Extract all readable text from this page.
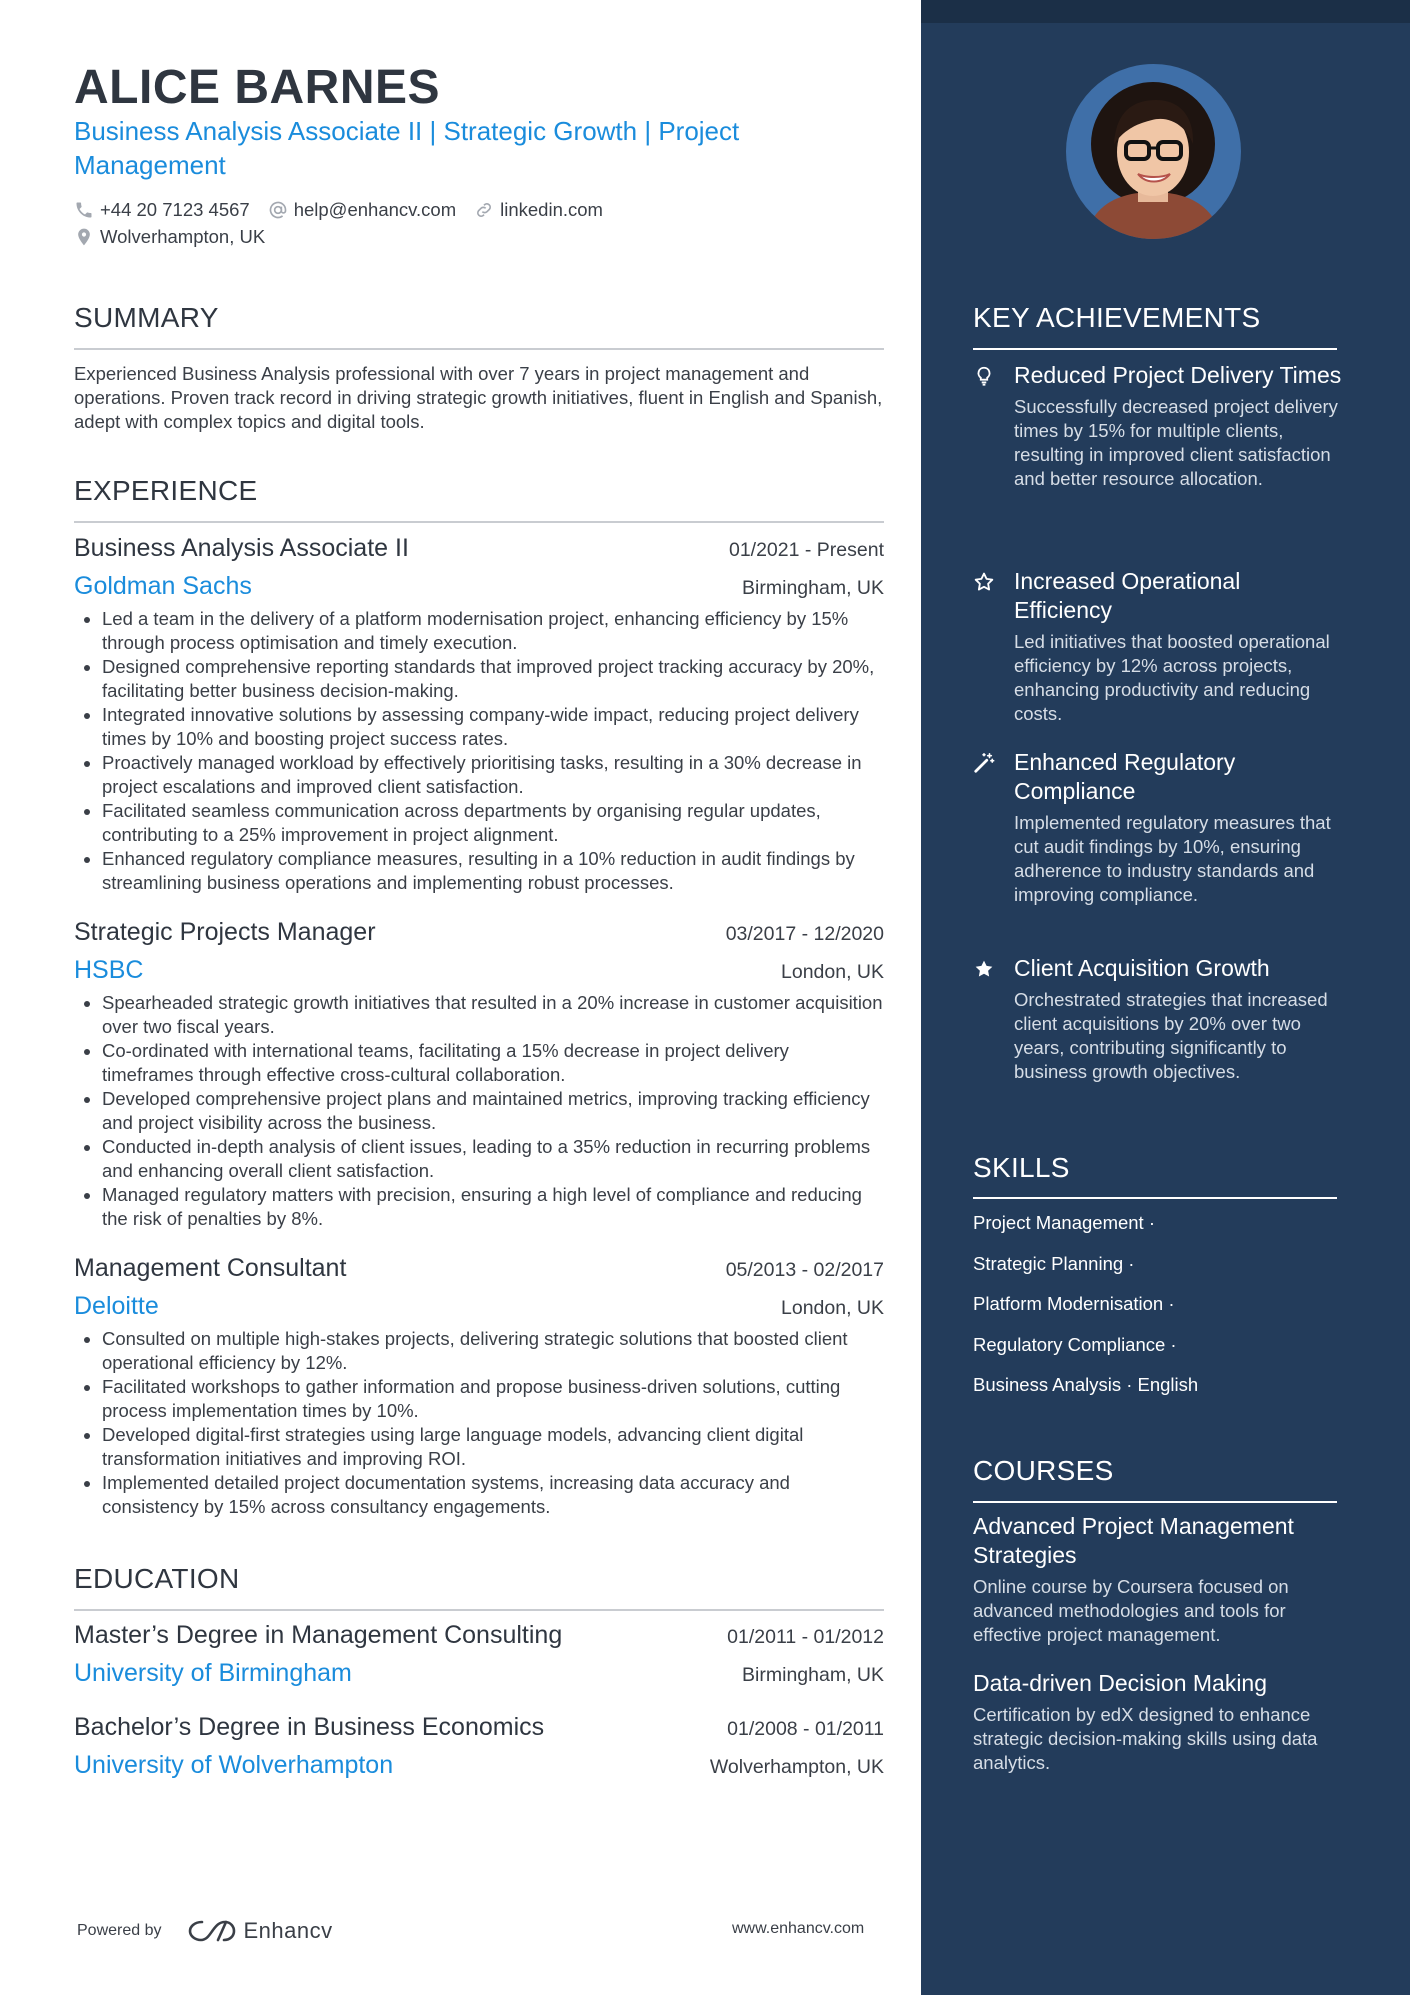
ALICE BARNES
Business Analysis Associate II | Strategic Growth | Project Management
+44 20 7123 4567 help@enhancv.com linkedin.com
Wolverhampton, UK
SUMMARY
Experienced Business Analysis professional with over 7 years in project management and operations. Proven track record in driving strategic growth initiatives, fluent in English and Spanish, adept with complex topics and digital tools.
EXPERIENCE
Business Analysis Associate II	01/2021 - Present
Goldman Sachs	Birmingham, UK
• Led a team in the delivery of a platform modernisation project, enhancing efficiency by 15% through process optimisation and timely execution.
• Designed comprehensive reporting standards that improved project tracking accuracy by 20%, facilitating better business decision-making.
• Integrated innovative solutions by assessing company-wide impact, reducing project delivery times by 10% and boosting project success rates.
• Proactively managed workload by effectively prioritising tasks, resulting in a 30% decrease in project escalations and improved client satisfaction.
• Facilitated seamless communication across departments by organising regular updates, contributing to a 25% improvement in project alignment.
• Enhanced regulatory compliance measures, resulting in a 10% reduction in audit findings by streamlining business operations and implementing robust processes.
Strategic Projects Manager	03/2017 - 12/2020
HSBC	London, UK
• Spearheaded strategic growth initiatives that resulted in a 20% increase in customer acquisition over two fiscal years.
• Co-ordinated with international teams, facilitating a 15% decrease in project delivery timeframes through effective cross-cultural collaboration.
• Developed comprehensive project plans and maintained metrics, improving tracking efficiency and project visibility across the business.
• Conducted in-depth analysis of client issues, leading to a 35% reduction in recurring problems and enhancing overall client satisfaction.
• Managed regulatory matters with precision, ensuring a high level of compliance and reducing the risk of penalties by 8%.
Management Consultant	05/2013 - 02/2017
Deloitte	London, UK
• Consulted on multiple high-stakes projects, delivering strategic solutions that boosted client operational efficiency by 12%.
• Facilitated workshops to gather information and propose business-driven solutions, cutting process implementation times by 10%.
• Developed digital-first strategies using large language models, advancing client digital transformation initiatives and improving ROI.
• Implemented detailed project documentation systems, increasing data accuracy and consistency by 15% across consultancy engagements.
EDUCATION
Master’s Degree in Management Consulting	01/2011 - 01/2012
University of Birmingham	Birmingham, UK
Bachelor’s Degree in Business Economics	01/2008 - 01/2011
University of Wolverhampton	Wolverhampton, UK
Powered by	Enhancv	www.enhancv.com
KEY ACHIEVEMENTS
Reduced Project Delivery Times
Successfully decreased project delivery times by 15% for multiple clients, resulting in improved client satisfaction and better resource allocation.
Increased Operational Efficiency
Led initiatives that boosted operational efficiency by 12% across projects, enhancing productivity and reducing costs.
Enhanced Regulatory Compliance
Implemented regulatory measures that cut audit findings by 10%, ensuring adherence to industry standards and improving compliance.
Client Acquisition Growth
Orchestrated strategies that increased client acquisitions by 20% over two years, contributing significantly to business growth objectives.
SKILLS
Project Management ·
Strategic Planning ·
Platform Modernisation ·
Regulatory Compliance ·
Business Analysis · English
COURSES
Advanced Project Management Strategies
Online course by Coursera focused on advanced methodologies and tools for effective project management.
Data-driven Decision Making
Certification by edX designed to enhance strategic decision-making skills using data analytics.
